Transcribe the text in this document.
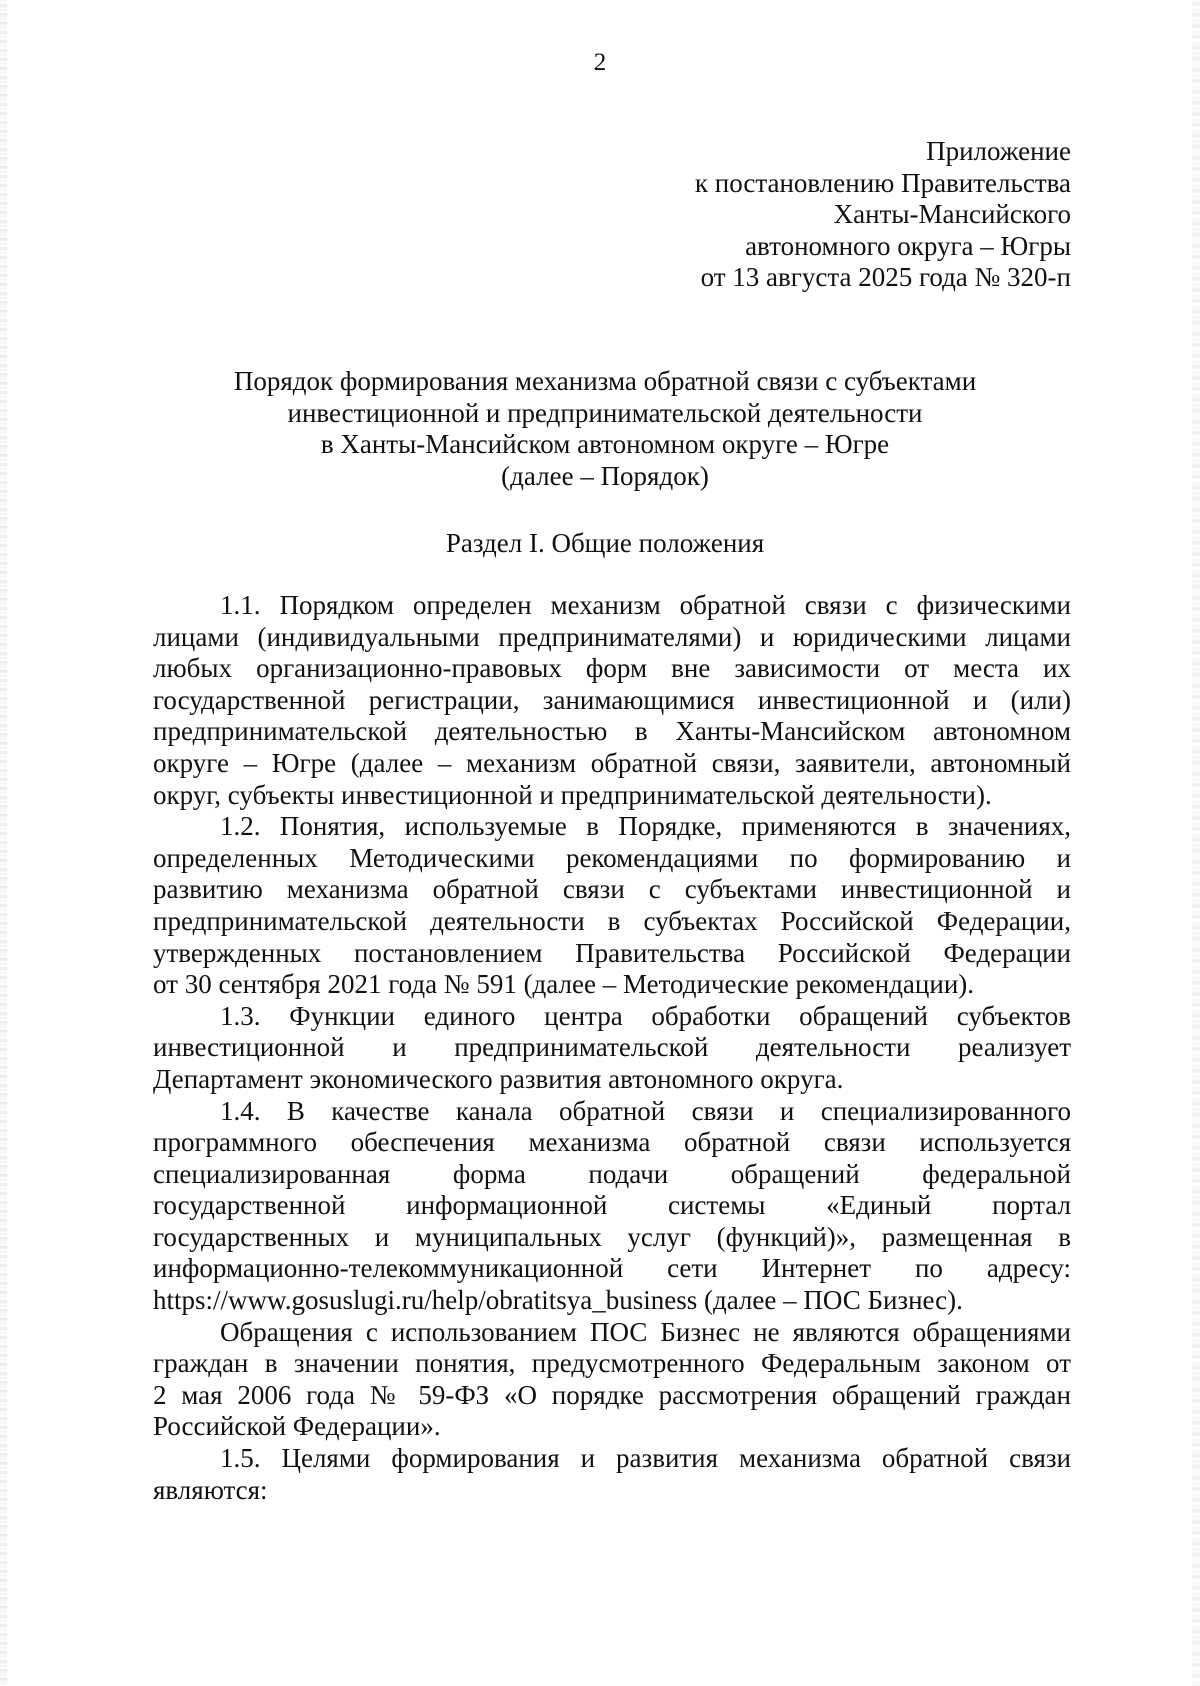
2
Приложение
к постановлению Правительства
Ханты-Мансийского
автономного округа – Югры
от 13 августа 2025 года № 320-п
Порядок формирования механизма обратной связи с субъектами
инвестиционной и предпринимательской деятельности
в Ханты-Мансийском автономном округе – Югре
(далее – Порядок)
Раздел I. Общие положения
1.1. Порядком определен механизм обратной связи с физическими
лицами (индивидуальными предпринимателями) и юридическими лицами
любых организационно-правовых форм вне зависимости от места их
государственной регистрации, занимающимися инвестиционной и (или)
предпринимательской деятельностью в Ханты-Мансийском автономном
округе – Югре (далее – механизм обратной связи, заявители, автономный
округ, субъекты инвестиционной и предпринимательской деятельности).
1.2. Понятия, используемые в Порядке, применяются в значениях,
определенных Методическими рекомендациями по формированию и
развитию механизма обратной связи с субъектами инвестиционной и
предпринимательской деятельности в субъектах Российской Федерации,
утвержденных постановлением Правительства Российской Федерации
от 30 сентября 2021 года № 591 (далее – Методические рекомендации).
1.3. Функции единого центра обработки обращений субъектов
инвестиционной и предпринимательской деятельности реализует
Департамент экономического развития автономного округа.
1.4. В качестве канала обратной связи и специализированного
программного обеспечения механизма обратной связи используется
специализированная форма подачи обращений федеральной
государственной информационной системы «Единый портал
государственных и муниципальных услуг (функций)», размещенная в
информационно-телекоммуникационной сети Интернет по адресу:
https://www.gosuslugi.ru/help/obratitsya_business (далее – ПОС Бизнес).
Обращения с использованием ПОС Бизнес не являются обращениями
граждан в значении понятия, предусмотренного Федеральным законом от
2 мая 2006 года № 59-ФЗ «О порядке рассмотрения обращений граждан
Российской Федерации».
1.5. Целями формирования и развития механизма обратной связи
являются:
